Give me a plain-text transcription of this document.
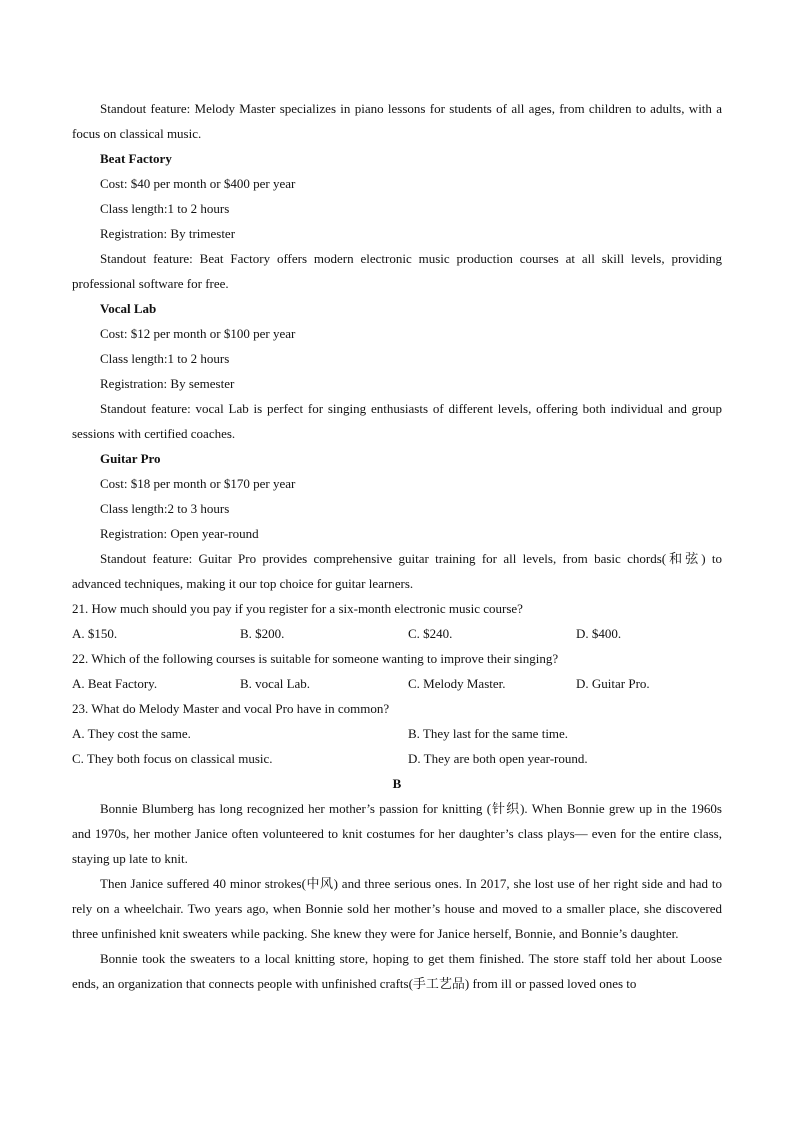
Standout feature: Melody Master specializes in piano lessons for students of all ages, from children to adults, with a focus on classical music.

Beat Factory

Cost: $40 per month or $400 per year

Class length:1 to 2 hours

Registration: By trimester

Standout feature: Beat Factory offers modern electronic music production courses at all skill levels, providing professional software for free.

Vocal Lab

Cost: $12 per month or $100 per year

Class length:1 to 2 hours

Registration: By semester

Standout feature: vocal Lab is perfect for singing enthusiasts of different levels, offering both individual and group sessions with certified coaches.

Guitar Pro

Cost: $18 per month or $170 per year

Class length:2 to 3 hours

Registration: Open year-round

Standout feature: Guitar Pro provides comprehensive guitar training for all levels, from basic chords(和弦) to advanced techniques, making it our top choice for guitar learners.

21. How much should you pay if you register for a six-month electronic music course?

A. $150.	B. $200.	C. $240.	D. $400.

22. Which of the following courses is suitable for someone wanting to improve their singing?

A. Beat Factory.	B. vocal Lab.	C. Melody Master.	D. Guitar Pro.

23. What do Melody Master and vocal Pro have in common?

A. They cost the same.	B. They last for the same time.
C. They both focus on classical music.	D. They are both open year-round.

B

Bonnie Blumberg has long recognized her mother’s passion for knitting (针织). When Bonnie grew up in the 1960s and 1970s, her mother Janice often volunteered to knit costumes for her daughter’s class plays— even for the entire class, staying up late to knit.

Then Janice suffered 40 minor strokes(中风) and three serious ones. In 2017, she lost use of her right side and had to rely on a wheelchair. Two years ago, when Bonnie sold her mother’s house and moved to a smaller place, she discovered three unfinished knit sweaters while packing. She knew they were for Janice herself, Bonnie, and Bonnie’s daughter.

Bonnie took the sweaters to a local knitting store, hoping to get them finished. The store staff told her about Loose ends, an organization that connects people with unfinished crafts(手工艺品) from ill or passed loved ones to
